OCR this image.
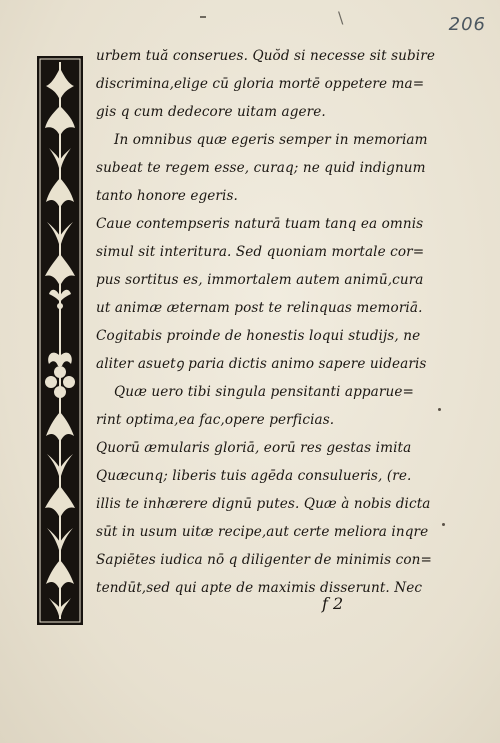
\	206
urbem tuă conserues. Quŏd si necesse sit subire
discrimina,elige cū gloria mortē oppetere ma=
gis q cum dedecore uitam agere.
In omnibus quæ egeris semper in memoriam
subeat te regem esse, curaq; ne quid indignum
tanto honore egeris.
Caue contempseris naturā tuam tanq ea omnis
simul sit interitura. Sed quoniam mortale cor=
pus sortitus es, immortalem autem animū,cura
ut animæ æternam post te relinquas memoriā.
Cogitabis proinde de honestis loqui studijs, ne
aliter asuetꝯ paria dictis animo sapere uidearis
Quæ uero tibi singula pensitanti apparue=
rint optima,ea fac,opere perficias.
Quorū æmularis gloriā, eorū res gestas imita
Quæcunq; liberis tuis agēda consulueris, (re.
illis te inhærere dignū putes. Quæ à nobis dicta
sūt in usum uitæ recipe,aut certe meliora inqre
Sapiētes iudica nō q diligenter de minimis con=
tendūt,sed qui apte de maximis disserunt. Nec
f 2
